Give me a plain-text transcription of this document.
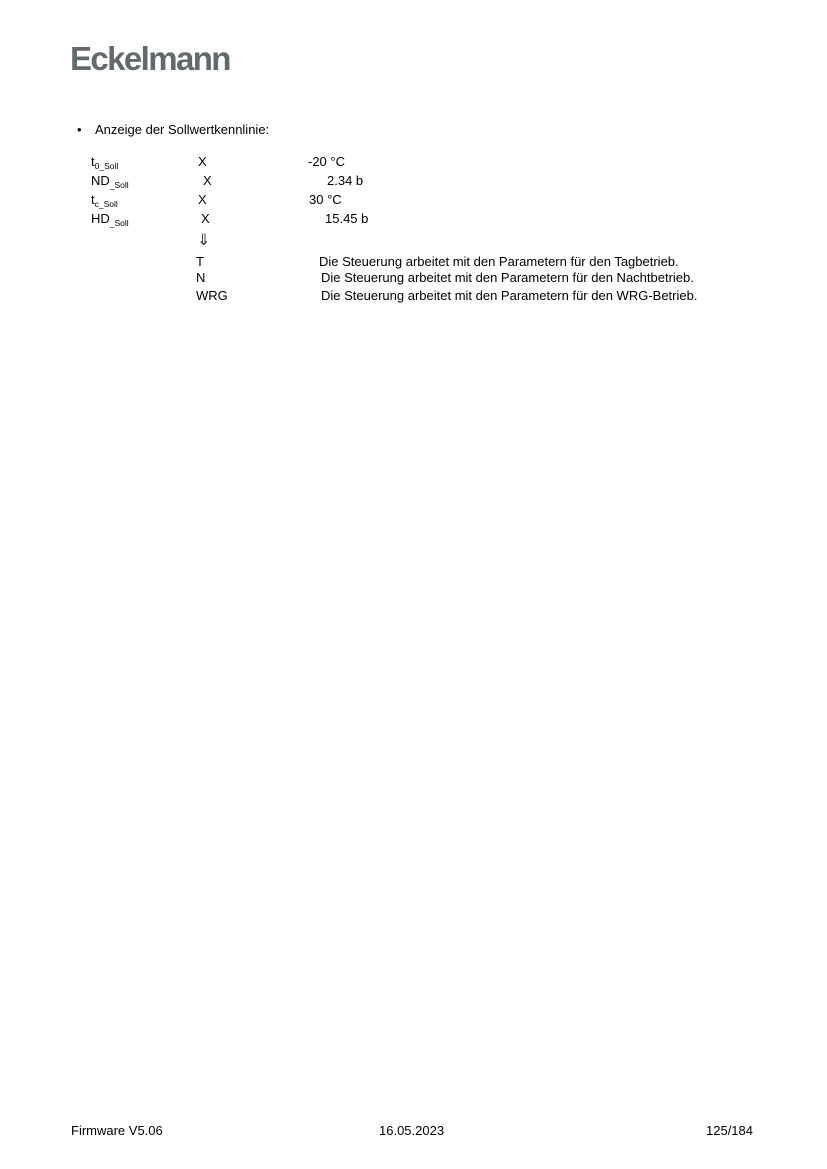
Eckelmann
• Anzeige der Sollwertkennlinie:
$t_{0\_Soll}$	X	-20 °C
$ND_{\_Soll}$	X	2.34 b
$t_{c\_Soll}$	X	30 °C
$HD_{\_Soll}$	X	15.45 b
⇓
T	Die Steuerung arbeitet mit den Parametern für den Tagbetrieb.
N	Die Steuerung arbeitet mit den Parametern für den Nachtbetrieb.
WRG	Die Steuerung arbeitet mit den Parametern für den WRG-Betrieb.
Firmware V5.06	16.05.2023	125/184
